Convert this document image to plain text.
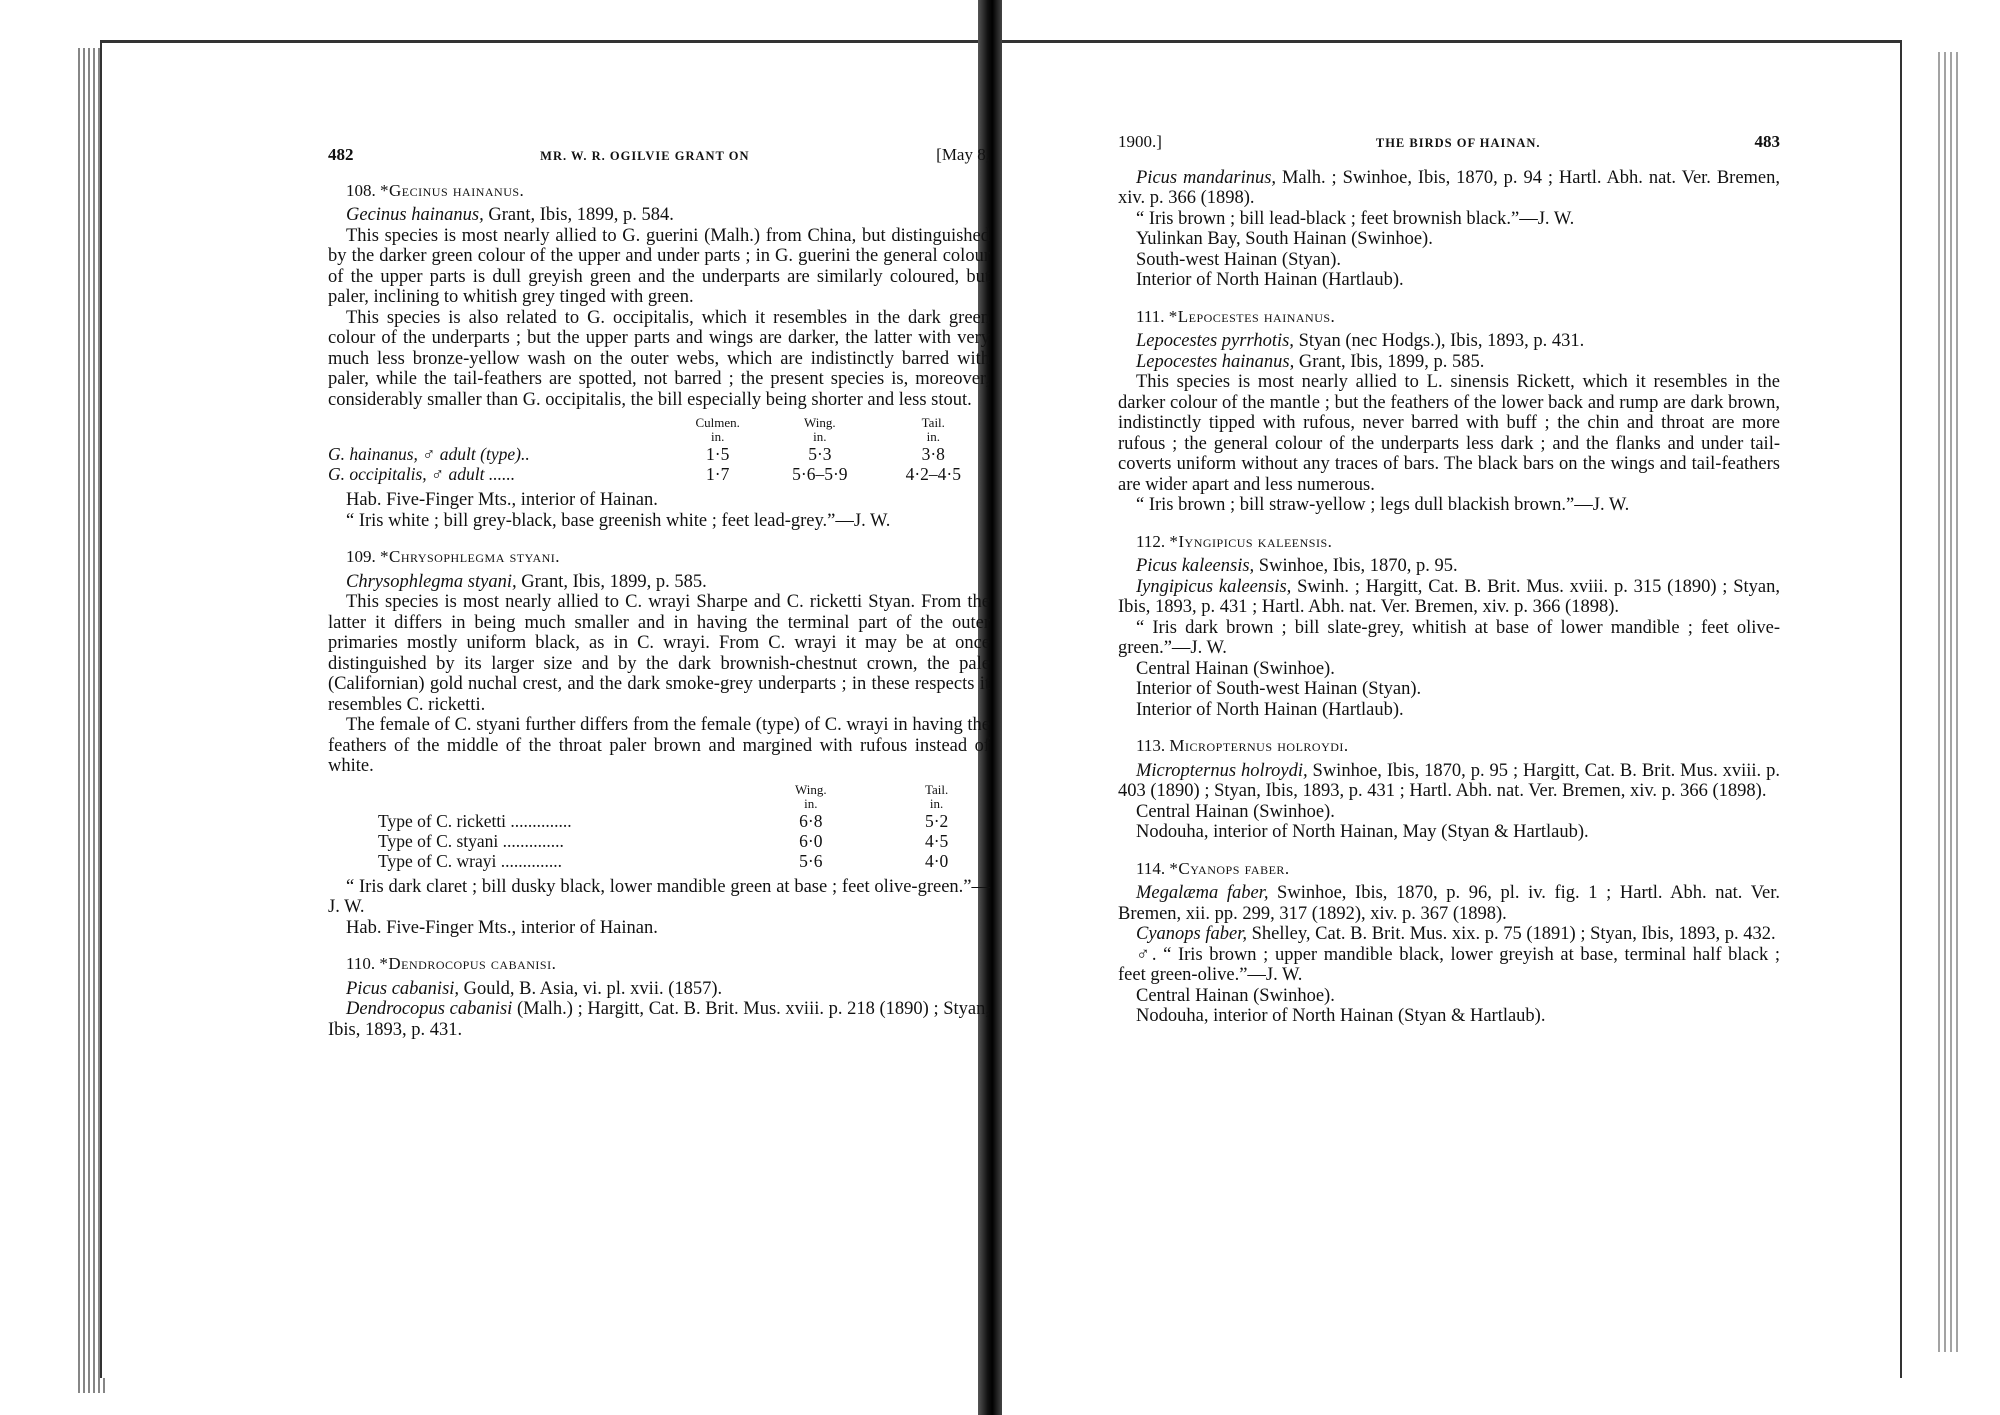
482	MR. W. R. OGILVIE GRANT ON	[May 8,
108. *Gecinus hainanus.

Gecinus hainanus, Grant, Ibis, 1899, p. 584.

This species is most nearly allied to G. guerini (Malh.) from China, but distinguished by the darker green colour of the upper and under parts ; in G. guerini the general colour of the upper parts is dull greyish green and the underparts are similarly coloured, but paler, inclining to whitish grey tinged with green.

This species is also related to G. occipitalis, which it resembles in the dark green colour of the underparts ; but the upper parts and wings are darker, the latter with very much less bronze-yellow wash on the outer webs, which are indistinctly barred with paler, while the tail-feathers are spotted, not barred ; the present species is, moreover, considerably smaller than G. occipitalis, the bill especially being shorter and less stout.

	Culmen.	Wing.	Tail.
	in.	in.	in.
G. hainanus, ♂ adult (type)..	1·5	5·3	3·8
G. occipitalis, ♂ adult ......	1·7	5·6–5·9	4·2–4·5

Hab. Five-Finger Mts., interior of Hainan.

“ Iris white ; bill grey-black, base greenish white ; feet lead-grey.”—J. W.

109. *Chrysophlegma styani.

Chrysophlegma styani, Grant, Ibis, 1899, p. 585.

This species is most nearly allied to C. wrayi Sharpe and C. ricketti Styan. From the latter it differs in being much smaller and in having the terminal part of the outer primaries mostly uniform black, as in C. wrayi. From C. wrayi it may be at once distinguished by its larger size and by the dark brownish-chestnut crown, the pale (Californian) gold nuchal crest, and the dark smoke-grey underparts ; in these respects it resembles C. ricketti.

The female of C. styani further differs from the female (type) of C. wrayi in having the feathers of the middle of the throat paler brown and margined with rufous instead of white.

	Wing.	Tail.
	in.	in.
Type of C. ricketti ..............	6·8	5·2
Type of C. styani ..............	6·0	4·5
Type of C. wrayi ..............	5·6	4·0

“ Iris dark claret ; bill dusky black, lower mandible green at base ; feet olive-green.”—J. W.

Hab. Five-Finger Mts., interior of Hainan.

110. *Dendrocopus cabanisi.

Picus cabanisi, Gould, B. Asia, vi. pl. xvii. (1857).

Dendrocopus cabanisi (Malh.) ; Hargitt, Cat. B. Brit. Mus. xviii. p. 218 (1890) ; Styan, Ibis, 1893, p. 431.

1900.]	THE BIRDS OF HAINAN.	483

Picus mandarinus, Malh. ; Swinhoe, Ibis, 1870, p. 94 ; Hartl. Abh. nat. Ver. Bremen, xiv. p. 366 (1898).

“ Iris brown ; bill lead-black ; feet brownish black.”—J. W.

Yulinkan Bay, South Hainan (Swinhoe).
South-west Hainan (Styan).
Interior of North Hainan (Hartlaub).
111. *Lepocestes hainanus.

Lepocestes pyrrhotis, Styan (nec Hodgs.), Ibis, 1893, p. 431.

Lepocestes hainanus, Grant, Ibis, 1899, p. 585.

This species is most nearly allied to L. sinensis Rickett, which it resembles in the darker colour of the mantle ; but the feathers of the lower back and rump are dark brown, indistinctly tipped with rufous, never barred with buff ; the chin and throat are more rufous ; the general colour of the underparts less dark ; and the flanks and under tail-coverts uniform without any traces of bars. The black bars on the wings and tail-feathers are wider apart and less numerous.

“ Iris brown ; bill straw-yellow ; legs dull blackish brown.”—J. W.

112. *Iyngipicus kaleensis.

Picus kaleensis, Swinhoe, Ibis, 1870, p. 95.

Iyngipicus kaleensis, Swinh. ; Hargitt, Cat. B. Brit. Mus. xviii. p. 315 (1890) ; Styan, Ibis, 1893, p. 431 ; Hartl. Abh. nat. Ver. Bremen, xiv. p. 366 (1898).

“ Iris dark brown ; bill slate-grey, whitish at base of lower mandible ; feet olive-green.”—J. W.

Central Hainan (Swinhoe).
Interior of South-west Hainan (Styan).
Interior of North Hainan (Hartlaub).
113. Micropternus holroydi.

Micropternus holroydi, Swinhoe, Ibis, 1870, p. 95 ; Hargitt, Cat. B. Brit. Mus. xviii. p. 403 (1890) ; Styan, Ibis, 1893, p. 431 ; Hartl. Abh. nat. Ver. Bremen, xiv. p. 366 (1898).

Central Hainan (Swinhoe).
Nodouha, interior of North Hainan, May (Styan & Hartlaub).
114. *Cyanops faber.

Megalæma faber, Swinhoe, Ibis, 1870, p. 96, pl. iv. fig. 1 ; Hartl. Abh. nat. Ver. Bremen, xii. pp. 299, 317 (1892), xiv. p. 367 (1898).

Cyanops faber, Shelley, Cat. B. Brit. Mus. xix. p. 75 (1891) ; Styan, Ibis, 1893, p. 432.

♂. “ Iris brown ; upper mandible black, lower greyish at base, terminal half black ; feet green-olive.”—J. W.

Central Hainan (Swinhoe).
Nodouha, interior of North Hainan (Styan & Hartlaub).
